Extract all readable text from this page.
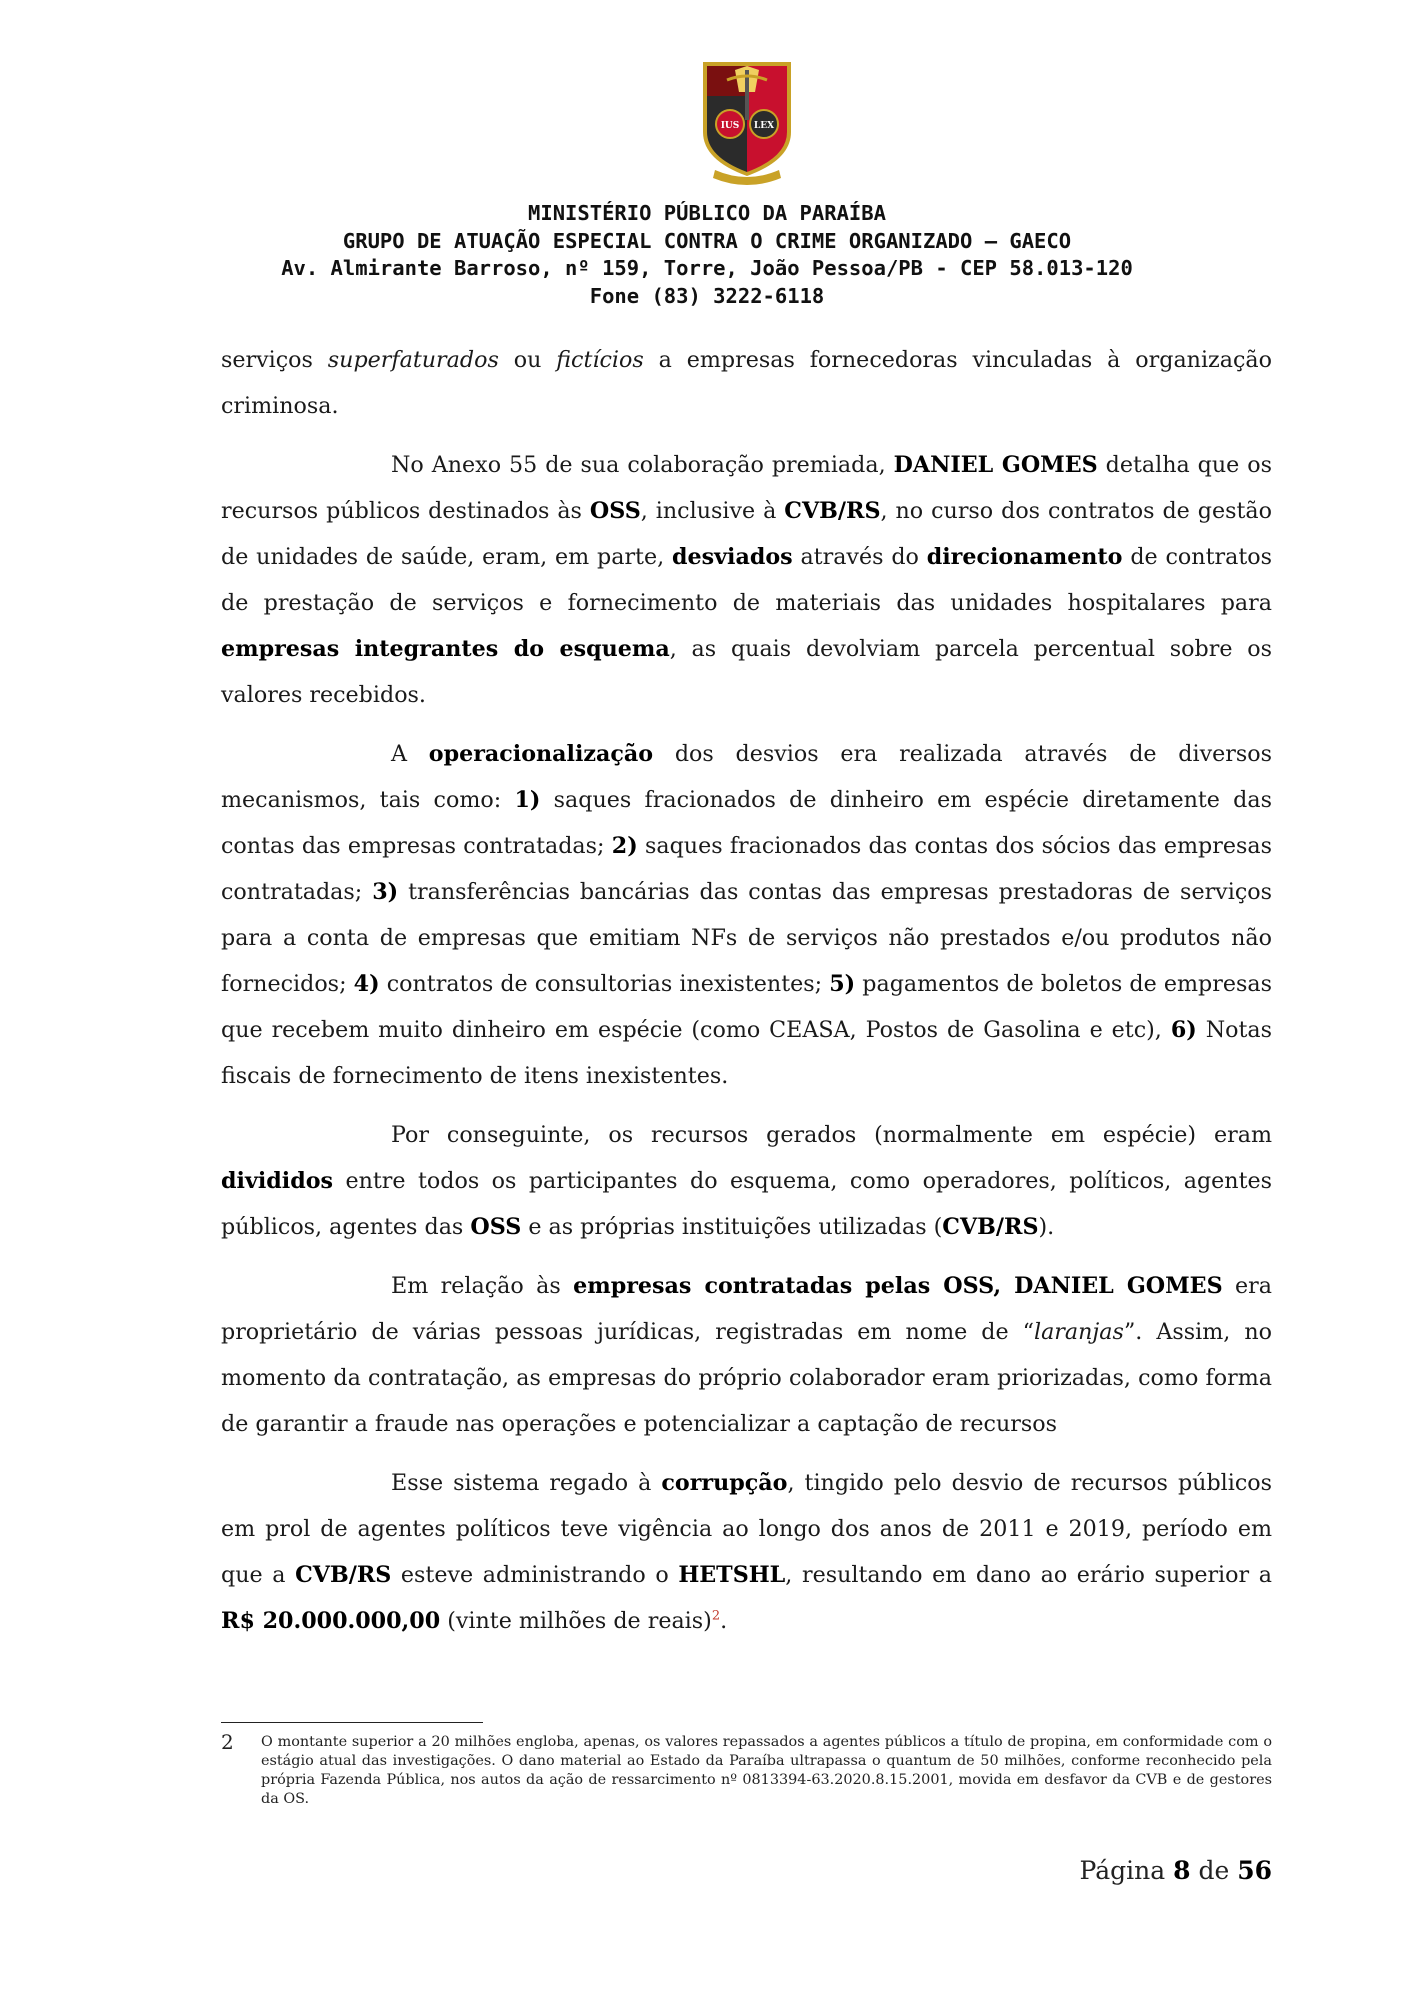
IUS LEX
MINISTÉRIO PÚBLICO DA PARAÍBA
GRUPO DE ATUAÇÃO ESPECIAL CONTRA O CRIME ORGANIZADO – GAECO
Av. Almirante Barroso, nº 159, Torre, João Pessoa/PB - CEP 58.013-120
Fone (83) 3222-6118

serviços superfaturados ou fictícios a empresas fornecedoras vinculadas à organização criminosa.

No Anexo 55 de sua colaboração premiada, DANIEL GOMES detalha que os recursos públicos destinados às OSS, inclusive à CVB/RS, no curso dos contratos de gestão de unidades de saúde, eram, em parte, desviados através do direcionamento de contratos de prestação de serviços e fornecimento de materiais das unidades hospitalares para empresas integrantes do esquema, as quais devolviam parcela percentual sobre os valores recebidos.

A operacionalização dos desvios era realizada através de diversos mecanismos, tais como: 1) saques fracionados de dinheiro em espécie diretamente das contas das empresas contratadas; 2) saques fracionados das contas dos sócios das empresas contratadas; 3) transferências bancárias das contas das empresas prestadoras de serviços para a conta de empresas que emitiam NFs de serviços não prestados e/ou produtos não fornecidos; 4) contratos de consultorias inexistentes; 5) pagamentos de boletos de empresas que recebem muito dinheiro em espécie (como CEASA, Postos de Gasolina e etc), 6) Notas fiscais de fornecimento de itens inexistentes.

Por conseguinte, os recursos gerados (normalmente em espécie) eram divididos entre todos os participantes do esquema, como operadores, políticos, agentes públicos, agentes das OSS e as próprias instituições utilizadas (CVB/RS).

Em relação às empresas contratadas pelas OSS, DANIEL GOMES era proprietário de várias pessoas jurídicas, registradas em nome de “laranjas”. Assim, no momento da contratação, as empresas do próprio colaborador eram priorizadas, como forma de garantir a fraude nas operações e potencializar a captação de recursos

Esse sistema regado à corrupção, tingido pelo desvio de recursos públicos em prol de agentes políticos teve vigência ao longo dos anos de 2011 e 2019, período em que a CVB/RS esteve administrando o HETSHL, resultando em dano ao erário superior a R$ 20.000.000,00 (vinte milhões de reais)$^2$.

2 O montante superior a 20 milhões engloba, apenas, os valores repassados a agentes públicos a título de propina, em conformidade com o estágio atual das investigações. O dano material ao Estado da Paraíba ultrapassa o quantum de 50 milhões, conforme reconhecido pela própria Fazenda Pública, nos autos da ação de ressarcimento nº 0813394-63.2020.8.15.2001, movida em desfavor da CVB e de gestores da OS.
Página 8 de 56
